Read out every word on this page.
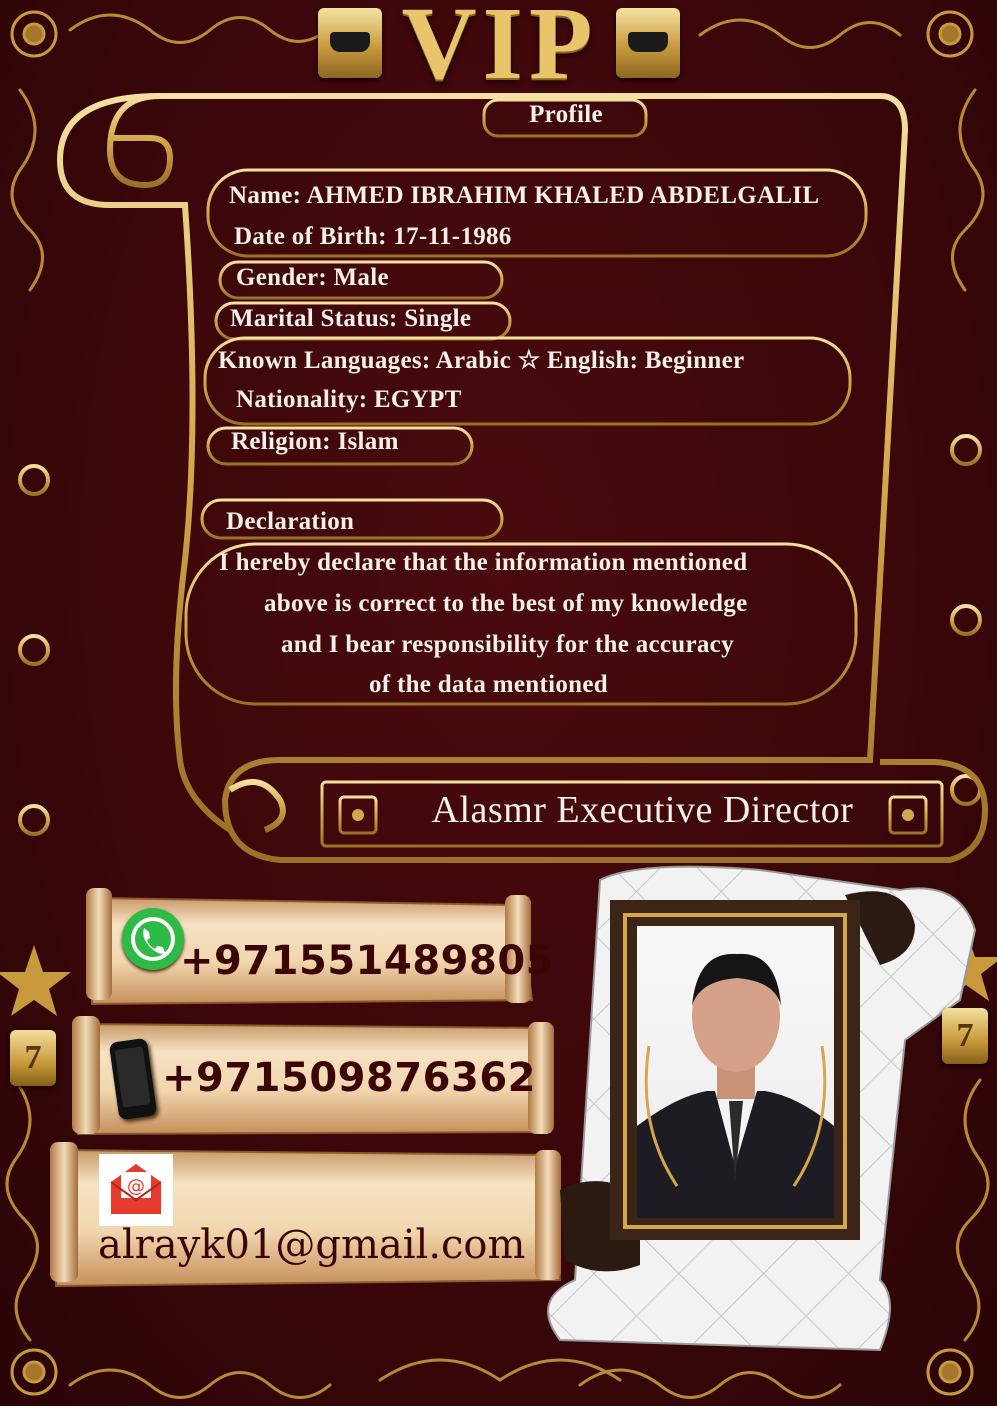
VIP
Profile
Name: AHMED IBRAHIM KHALED ABDELGALIL
Date of Birth: 17-11-1986
Gender: Male
Marital Status: Single
Known Languages: Arabic ☆ English: Beginner
Nationality: EGYPT
Religion: Islam
Declaration
I hereby declare that the information mentioned
above is correct to the best of my knowledge
and I bear responsibility for the accuracy
of the data mentioned
Alasmr Executive Director
+971551489805
+971509876362
@
alrayk01@gmail.com
7
7
